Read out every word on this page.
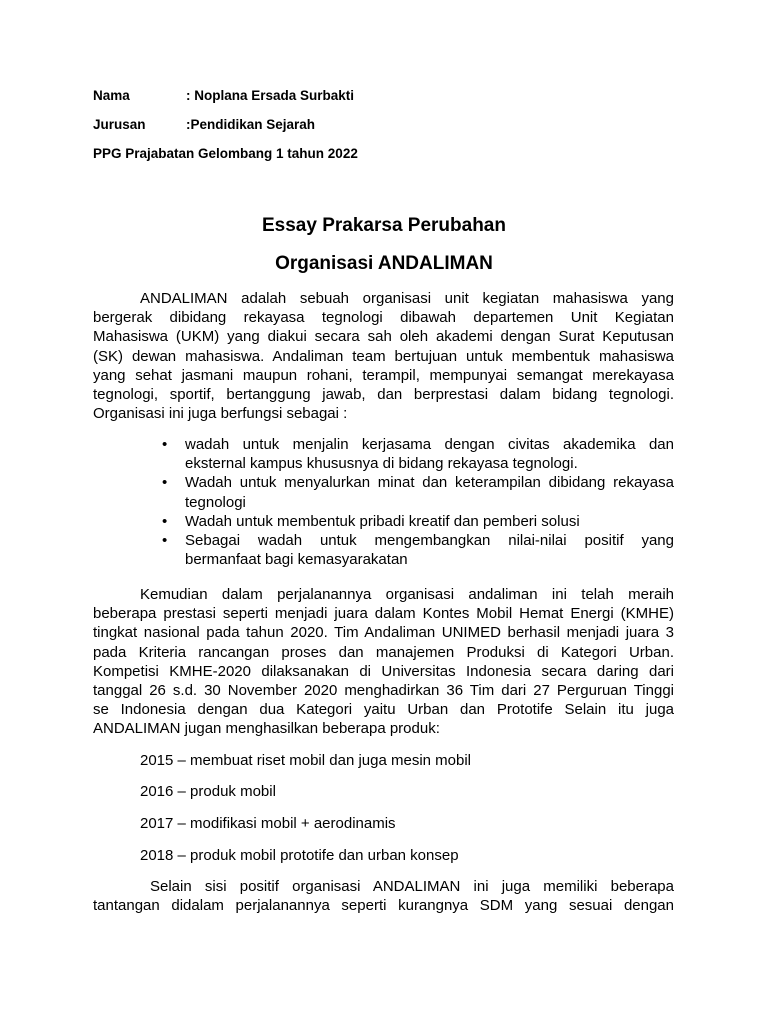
Nama	: Noplana Ersada Surbakti
Jurusan	:Pendidikan Sejarah
PPG Prajabatan Gelombang 1 tahun 2022
Essay Prakarsa Perubahan
Organisasi ANDALIMAN
ANDALIMAN adalah sebuah organisasi unit kegiatan mahasiswa yang
bergerak dibidang rekayasa tegnologi dibawah departemen Unit Kegiatan
Mahasiswa (UKM) yang diakui secara sah oleh akademi dengan Surat Keputusan
(SK) dewan mahasiswa. Andaliman team bertujuan untuk membentuk mahasiswa
yang sehat jasmani maupun rohani, terampil, mempunyai semangat merekayasa
tegnologi, sportif, bertanggung jawab, dan berprestasi dalam bidang tegnologi.
Organisasi ini juga berfungsi sebagai :
• wadah untuk menjalin kerjasama dengan civitas akademika dan
eksternal kampus khususnya di bidang rekayasa tegnologi.
• Wadah untuk menyalurkan minat dan keterampilan dibidang rekayasa
tegnologi
• Wadah untuk membentuk pribadi kreatif dan pemberi solusi
• Sebagai wadah untuk mengembangkan nilai-nilai positif yang
bermanfaat bagi kemasyarakatan
Kemudian dalam perjalanannya organisasi andaliman ini telah meraih
beberapa prestasi seperti menjadi juara dalam Kontes Mobil Hemat Energi (KMHE)
tingkat nasional pada tahun 2020. Tim Andaliman UNIMED berhasil menjadi juara 3
pada Kriteria rancangan proses dan manajemen Produksi di Kategori Urban.
Kompetisi KMHE-2020 dilaksanakan di Universitas Indonesia secara daring dari
tanggal 26 s.d. 30 November 2020 menghadirkan 36 Tim dari 27 Perguruan Tinggi
se Indonesia dengan dua Kategori yaitu Urban dan Prototife Selain itu juga
ANDALIMAN jugan menghasilkan beberapa produk:
2015 – membuat riset mobil dan juga mesin mobil
2016 – produk mobil
2017 – modifikasi mobil + aerodinamis
2018 – produk mobil prototife dan urban konsep
Selain sisi positif organisasi ANDALIMAN ini juga memiliki beberapa
tantangan didalam perjalanannya seperti kurangnya SDM yang sesuai dengan
